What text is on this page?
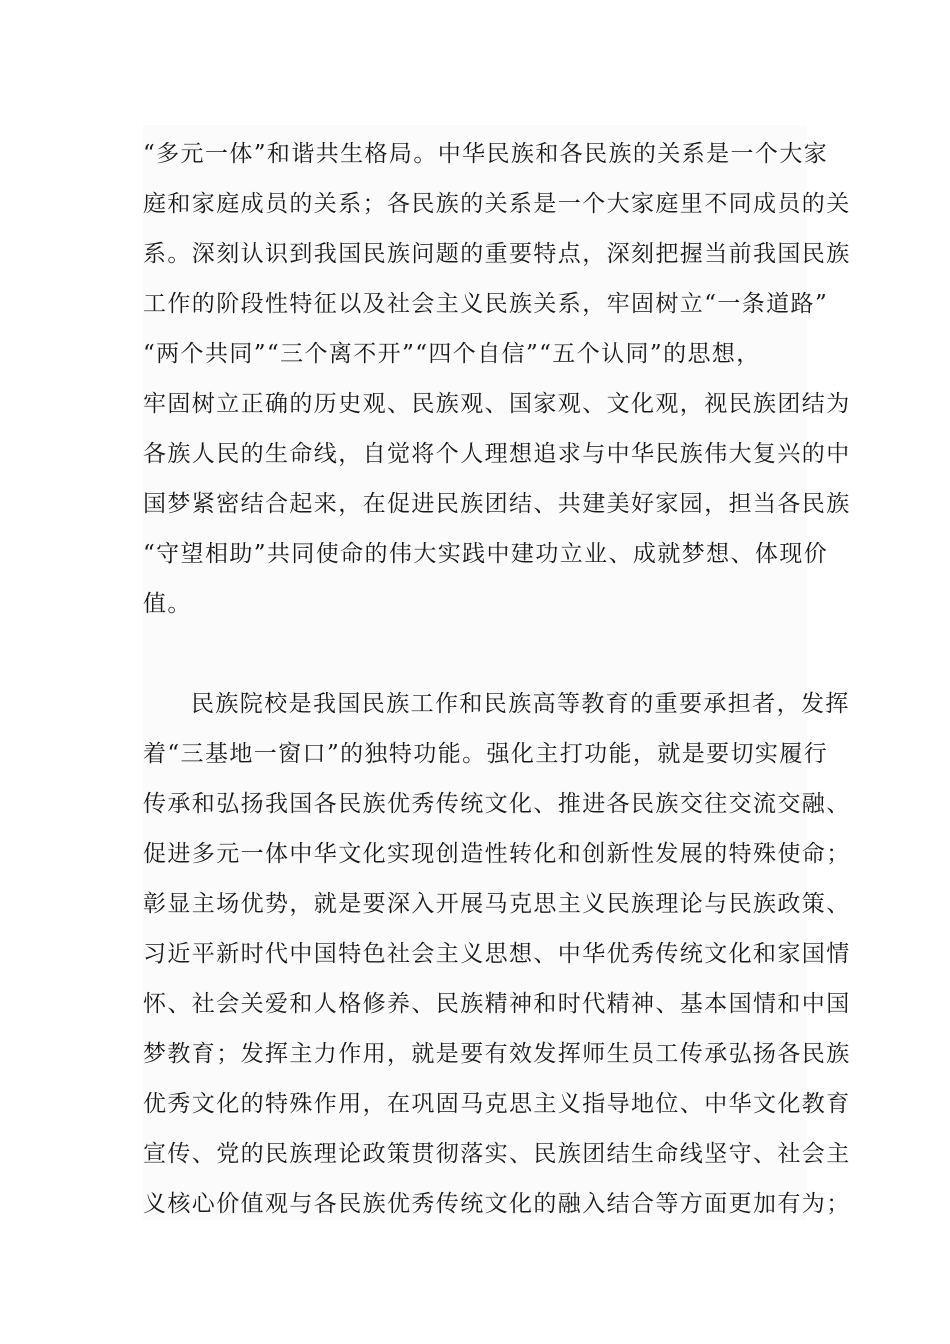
“多元一体”和谐共生格局。中华民族和各民族的关系是一个大家
庭和家庭成员的关系；各民族的关系是一个大家庭里不同成员的关
系。深刻认识到我国民族问题的重要特点，深刻把握当前我国民族
工作的阶段性特征以及社会主义民族关系，牢固树立“一条道路”
“两个共同”“三个离不开”“四个自信”“五个认同”的思想，
牢固树立正确的历史观、民族观、国家观、文化观，视民族团结为
各族人民的生命线，自觉将个人理想追求与中华民族伟大复兴的中
国梦紧密结合起来，在促进民族团结、共建美好家园，担当各民族
“守望相助”共同使命的伟大实践中建功立业、成就梦想、体现价
值。
民族院校是我国民族工作和民族高等教育的重要承担者，发挥
着“三基地一窗口”的独特功能。强化主打功能，就是要切实履行
传承和弘扬我国各民族优秀传统文化、推进各民族交往交流交融、
促进多元一体中华文化实现创造性转化和创新性发展的特殊使命；
彰显主场优势，就是要深入开展马克思主义民族理论与民族政策、
习近平新时代中国特色社会主义思想、中华优秀传统文化和家国情
怀、社会关爱和人格修养、民族精神和时代精神、基本国情和中国
梦教育；发挥主力作用，就是要有效发挥师生员工传承弘扬各民族
优秀文化的特殊作用，在巩固马克思主义指导地位、中华文化教育
宣传、党的民族理论政策贯彻落实、民族团结生命线坚守、社会主
义核心价值观与各民族优秀传统文化的融入结合等方面更加有为；
